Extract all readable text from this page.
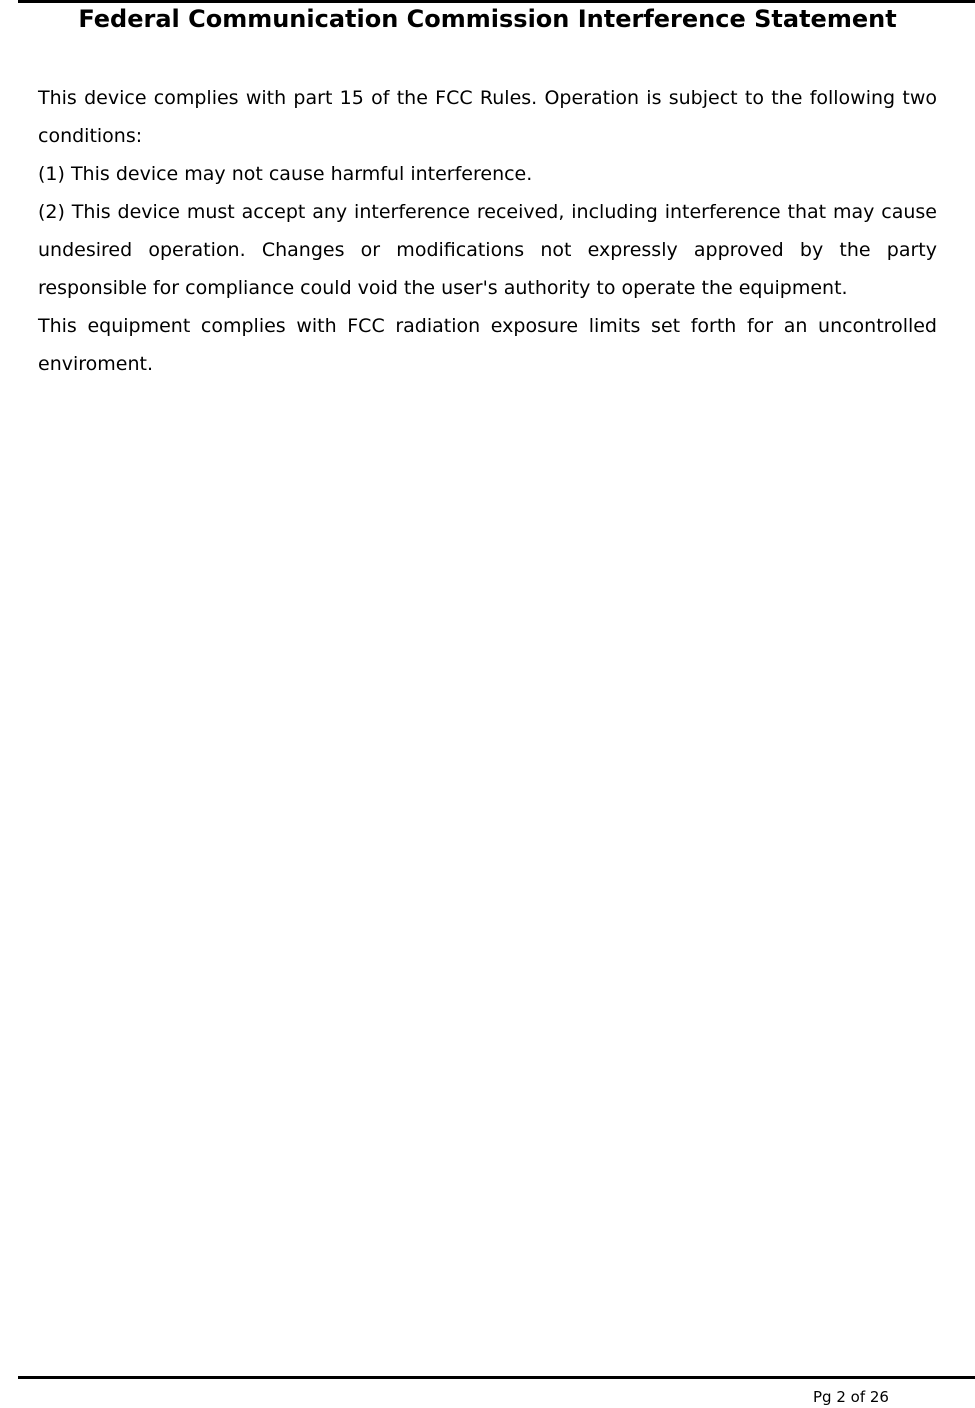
Federal Communication Commission Interference Statement

This device complies with part 15 of the FCC Rules. Operation is subject to the following two conditions:

(1) This device may not cause harmful interference.

(2) This device must accept any interference received, including interference that may cause undesired operation. Changes or modifications not expressly approved by the party responsible for compliance could void the user's authority to operate the equipment.

This equipment complies with FCC radiation exposure limits set forth for an uncontrolled enviroment.

Pg 2 of 26
